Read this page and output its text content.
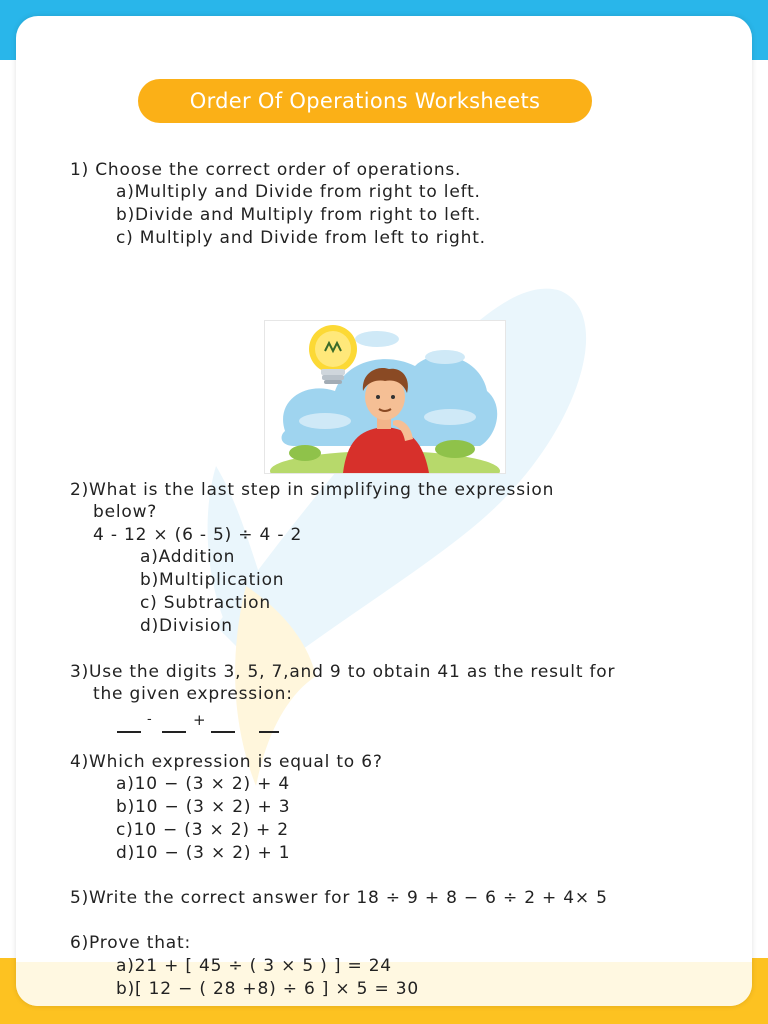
Order Of Operations Worksheets
1) Choose the correct order of operations.
a)Multiply and Divide from right to left.
b)Divide and Multiply from right to left.
c) Multiply and Divide from left to right.
2)What is the last step in simplifying the expression
below?
4 - 12 × (6 - 5) ÷ 4 - 2
a)Addition
b)Multiplication
c) Subtraction
d)Division
3)Use the digits 3, 5, 7,and 9 to obtain 41 as the result for
the given expression:
-	+
4)Which expression is equal to 6?
a)10 − (3 × 2) + 4
b)10 − (3 × 2) + 3
c)10 − (3 × 2) + 2
d)10 − (3 × 2) + 1
5)Write the correct answer for 18 ÷ 9 + 8 − 6 ÷ 2 + 4× 5
6)Prove that:
a)21 + [ 45 ÷ ( 3 × 5 ) ] = 24
b)[ 12 − ( 28 +8) ÷ 6 ] × 5 = 30
